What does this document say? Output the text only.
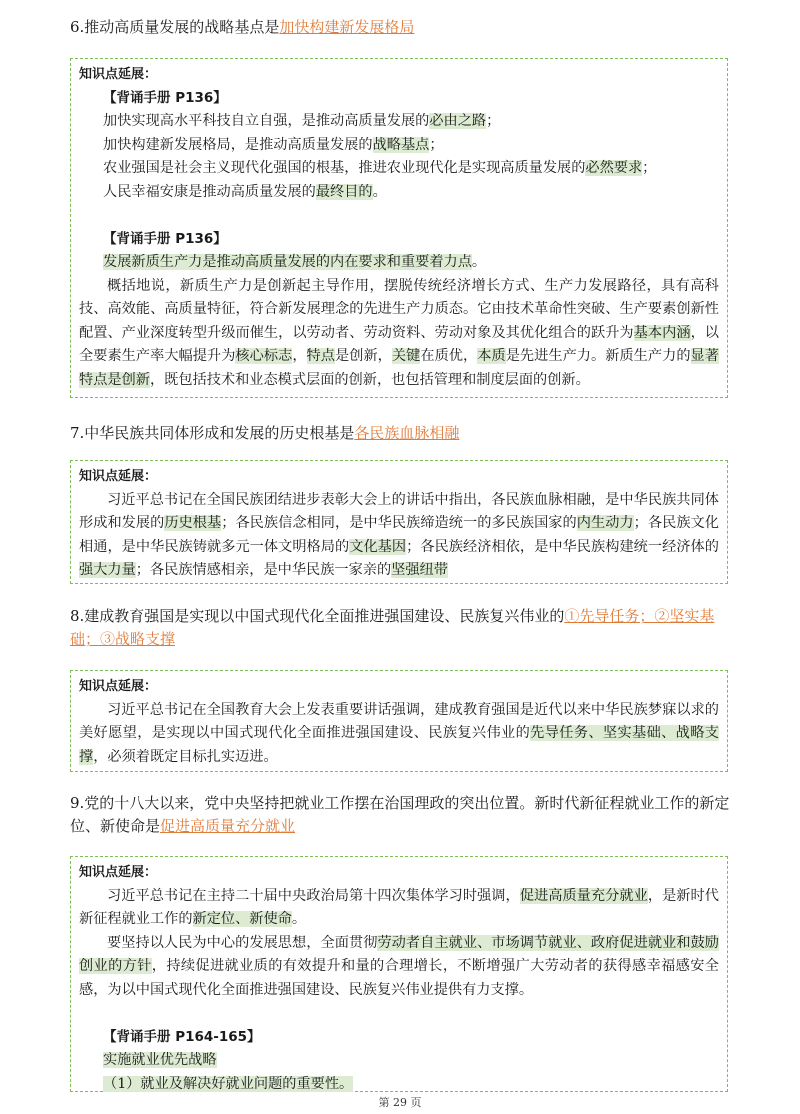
6.推动高质量发展的战略基点是加快构建新发展格局
知识点延展：
【背诵手册 P136】
加快实现高水平科技自立自强，是推动高质量发展的必由之路；
加快构建新发展格局，是推动高质量发展的战略基点；
农业强国是社会主义现代化强国的根基，推进农业现代化是实现高质量发展的必然要求；
人民幸福安康是推动高质量发展的最终目的。
【背诵手册 P136】
发展新质生产力是推动高质量发展的内在要求和重要着力点。
概括地说，新质生产力是创新起主导作用，摆脱传统经济增长方式、生产力发展路径，具有高科技、高效能、高质量特征，符合新发展理念的先进生产力质态。它由技术革命性突破、生产要素创新性配置、产业深度转型升级而催生，以劳动者、劳动资料、劳动对象及其优化组合的跃升为基本内涵，以全要素生产率大幅提升为核心标志，特点是创新，关键在质优，本质是先进生产力。新质生产力的显著特点是创新，既包括技术和业态模式层面的创新，也包括管理和制度层面的创新。
7.中华民族共同体形成和发展的历史根基是各民族血脉相融
知识点延展：
习近平总书记在全国民族团结进步表彰大会上的讲话中指出，各民族血脉相融，是中华民族共同体形成和发展的历史根基；各民族信念相同，是中华民族缔造统一的多民族国家的内生动力；各民族文化相通，是中华民族铸就多元一体文明格局的文化基因；各民族经济相依，是中华民族构建统一经济体的强大力量；各民族情感相亲，是中华民族一家亲的坚强纽带
8.建成教育强国是实现以中国式现代化全面推进强国建设、民族复兴伟业的①先导任务；②坚实基础；③战略支撑
知识点延展：
习近平总书记在全国教育大会上发表重要讲话强调，建成教育强国是近代以来中华民族梦寐以求的美好愿望，是实现以中国式现代化全面推进强国建设、民族复兴伟业的先导任务、坚实基础、战略支撑，必须着既定目标扎实迈进。
9.党的十八大以来，党中央坚持把就业工作摆在治国理政的突出位置。新时代新征程就业工作的新定位、新使命是促进高质量充分就业
知识点延展：
习近平总书记在主持二十届中央政治局第十四次集体学习时强调，促进高质量充分就业，是新时代新征程就业工作的新定位、新使命。
要坚持以人民为中心的发展思想，全面贯彻劳动者自主就业、市场调节就业、政府促进就业和鼓励创业的方针，持续促进就业质的有效提升和量的合理增长，不断增强广大劳动者的获得感幸福感安全感，为以中国式现代化全面推进强国建设、民族复兴伟业提供有力支撑。
【背诵手册 P164-165】
实施就业优先战略
（1）就业及解决好就业问题的重要性。
第 29 页
